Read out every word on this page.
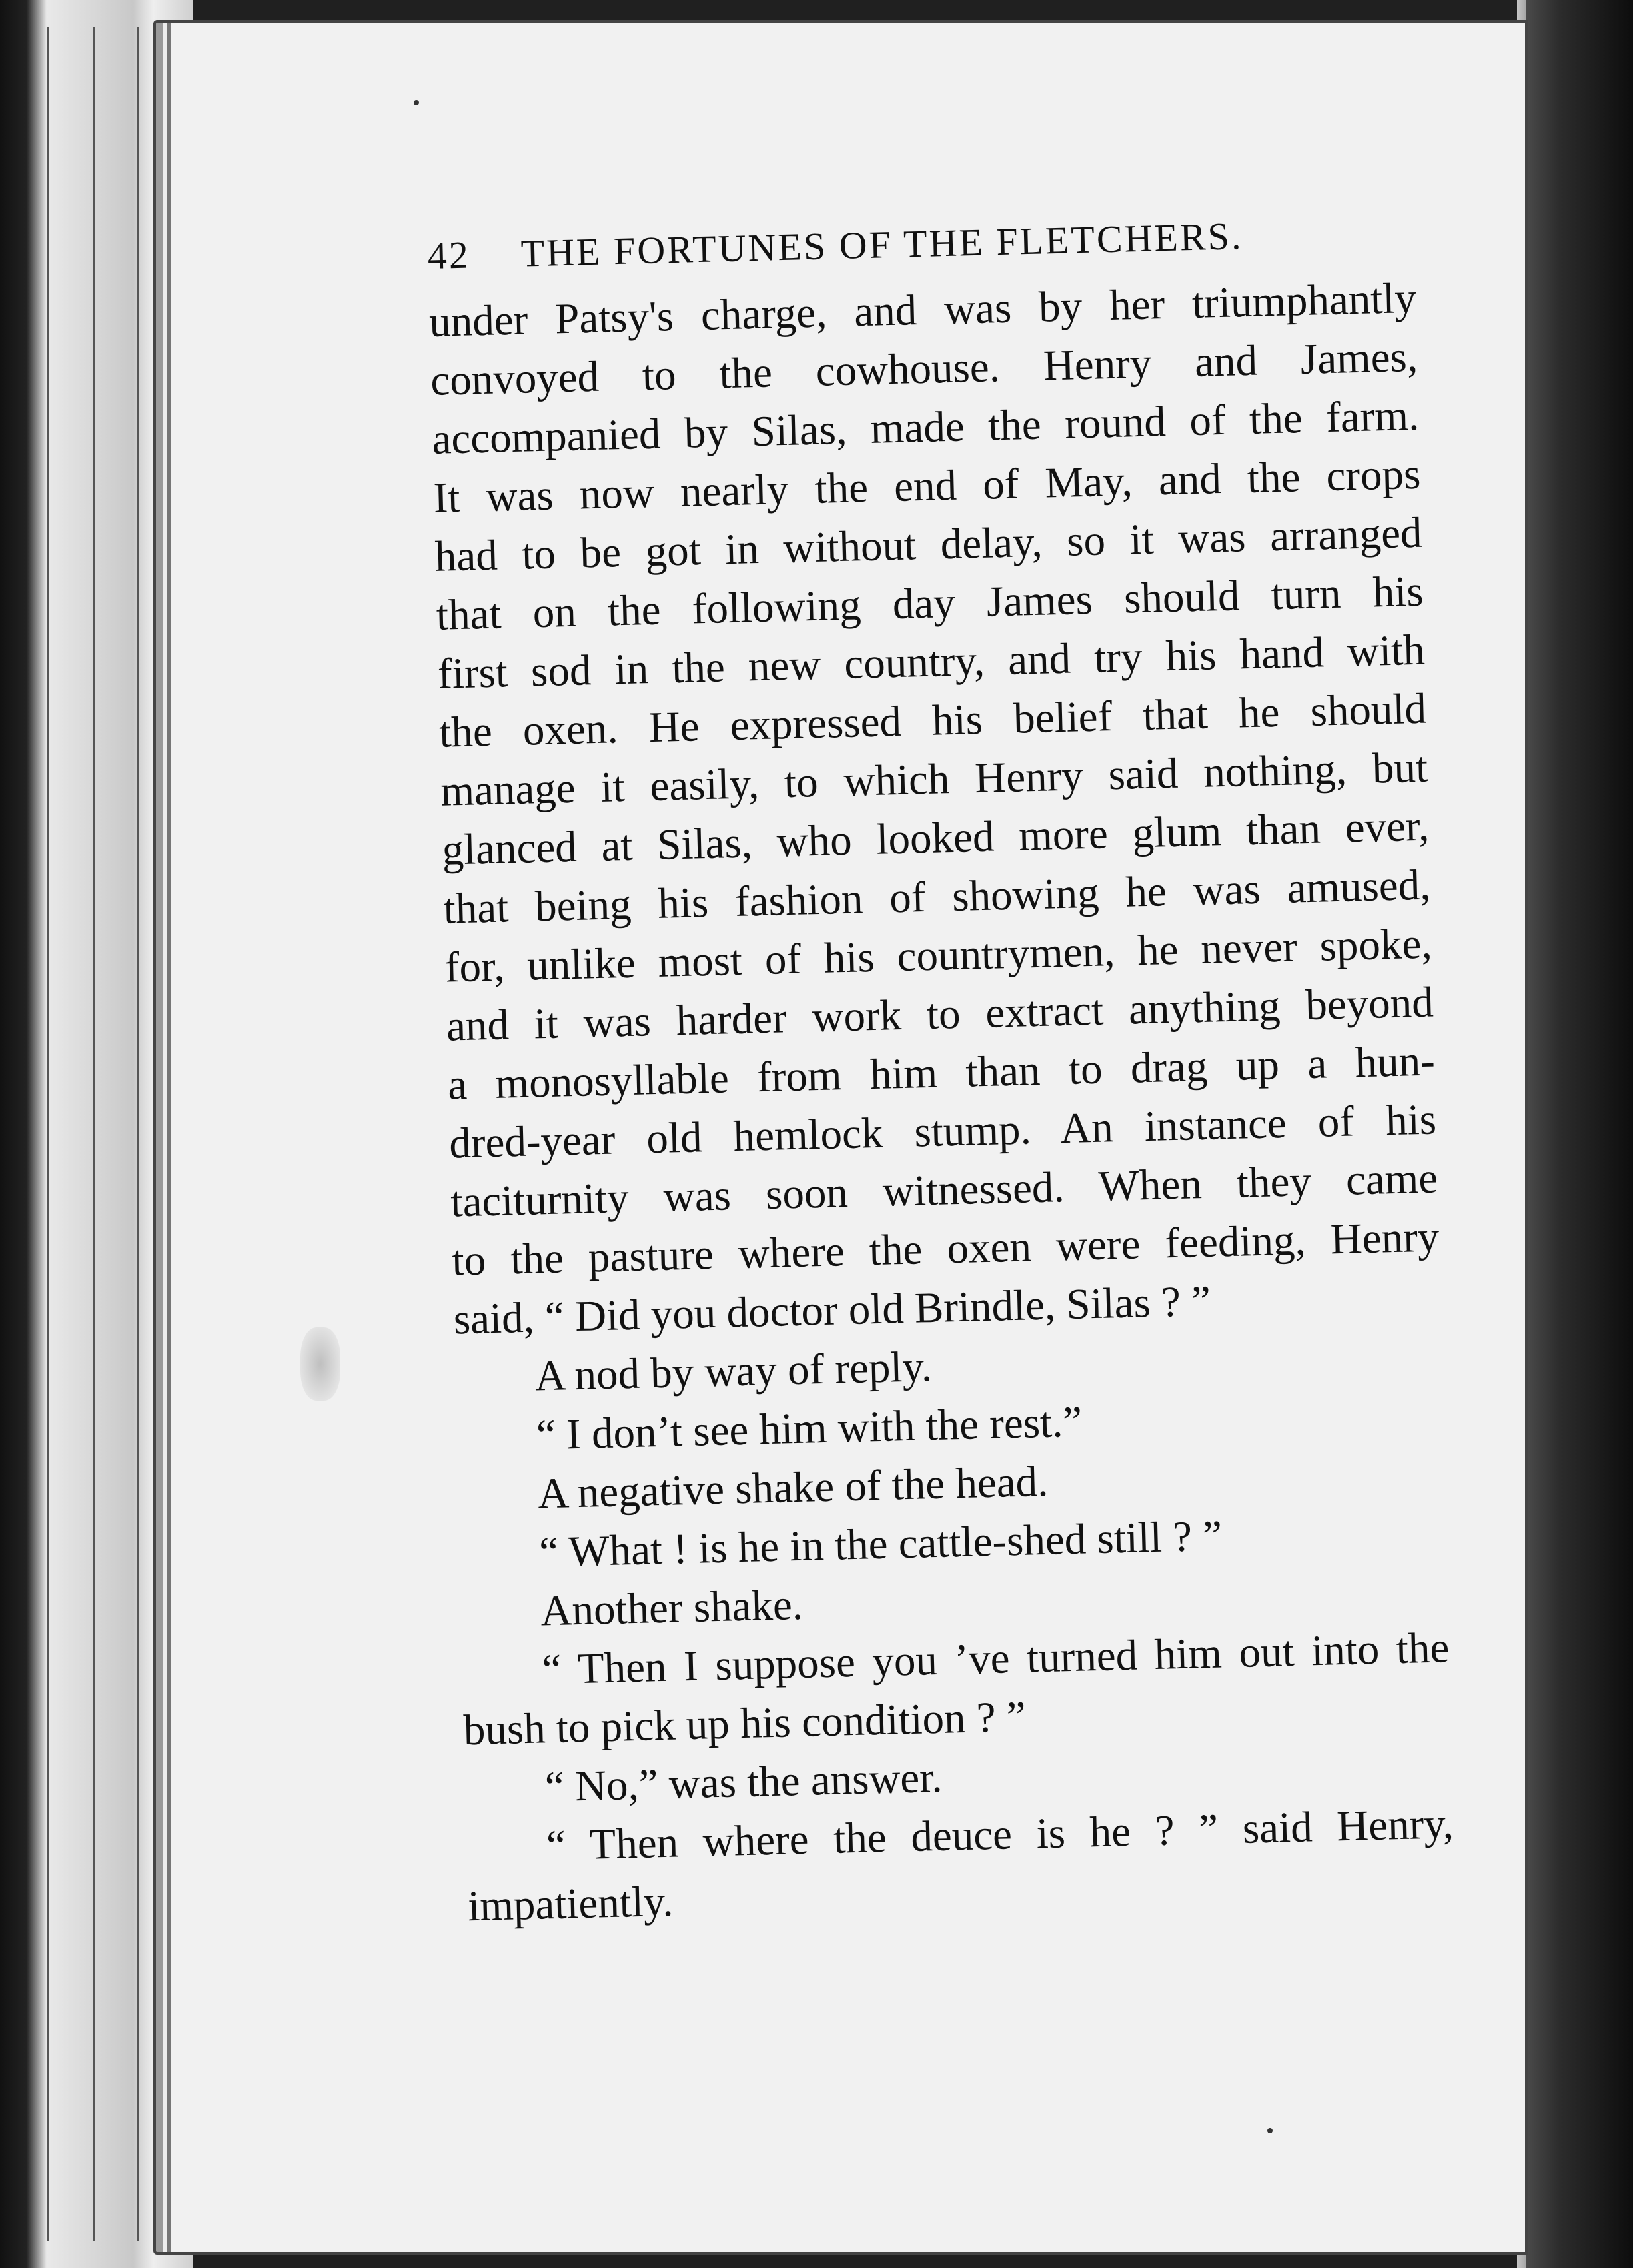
42	THE FORTUNES OF THE FLETCHERS.
under Patsy's charge, and was by her triumphantly
convoyed to the cowhouse. Henry and James,
accompanied by Silas, made the round of the farm.
It was now nearly the end of May, and the crops
had to be got in without delay, so it was arranged
that on the following day James should turn his
first sod in the new country, and try his hand with
the oxen. He expressed his belief that he should
manage it easily, to which Henry said nothing, but
glanced at Silas, who looked more glum than ever,
that being his fashion of showing he was amused,
for, unlike most of his countrymen, he never spoke,
and it was harder work to extract anything beyond
a monosyllable from him than to drag up a hun-
dred-year old hemlock stump. An instance of his
taciturnity was soon witnessed. When they came
to the pasture where the oxen were feeding, Henry
said, “ Did you doctor old Brindle, Silas ? ”
A nod by way of reply.
“ I don’t see him with the rest.”
A negative shake of the head.
“ What ! is he in the cattle-shed still ? ”
Another shake.
“ Then I suppose you ’ve turned him out into the
bush to pick up his condition ? ”
“ No,” was the answer.
“ Then where the deuce is he ? ” said Henry,
impatiently.
